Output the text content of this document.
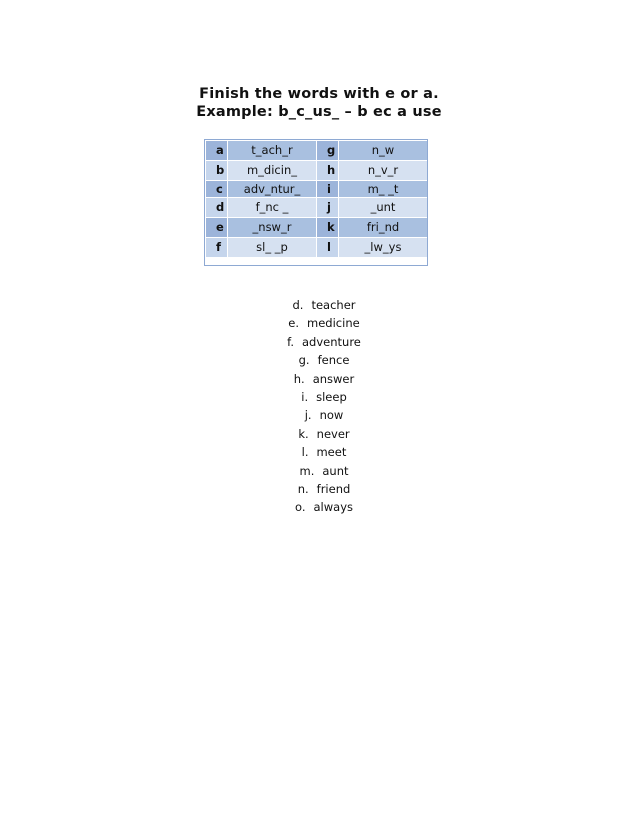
Finish the words with e or a.
Example: b_c_us_ – b ec a use
a	t_ach_r	g	n_w
b	m_dicin_	h	n_v_r
c	adv_ntur_	i	m_ _t
d	f_nc _	j	_unt
e	_nsw_r	k	fri_nd
f	sl_ _p	l	_lw_ys
d. teacher
e. medicine
f. adventure
g. fence
h. answer
i. sleep
j. now
k. never
l. meet
m. aunt
n. friend
o. always
